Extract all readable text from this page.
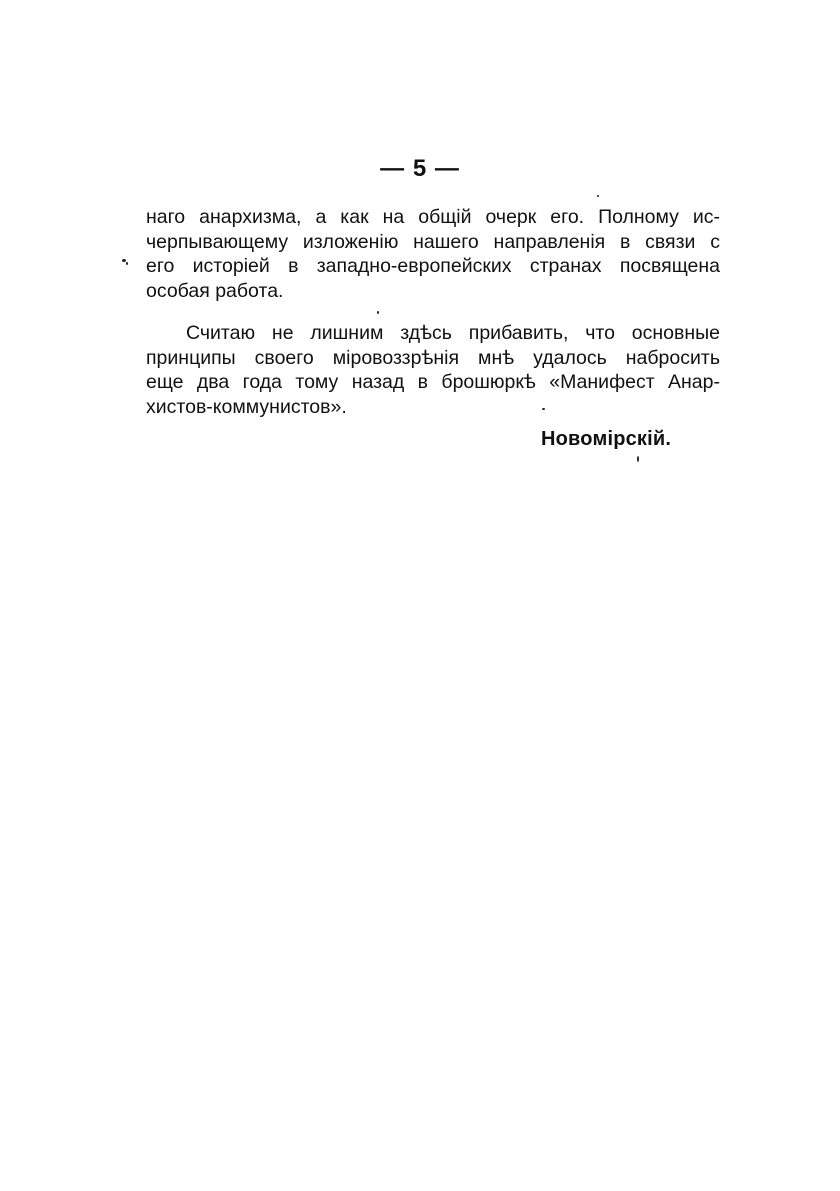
— 5 —
наго анархизма, а как на общій очерк его. Полному ис-
черпывающему изложенію нашего направленія в связи с
его исторіей в западно-европейских странах посвящена
особая работа.
Считаю не лишним здѣсь прибавить, что основные
принципы своего міровоззрѣнія мнѣ удалось набросить
еще два года тому назад в брошюркѣ «Манифест Анар-
хистов-коммунистов».
Новомірскій.
